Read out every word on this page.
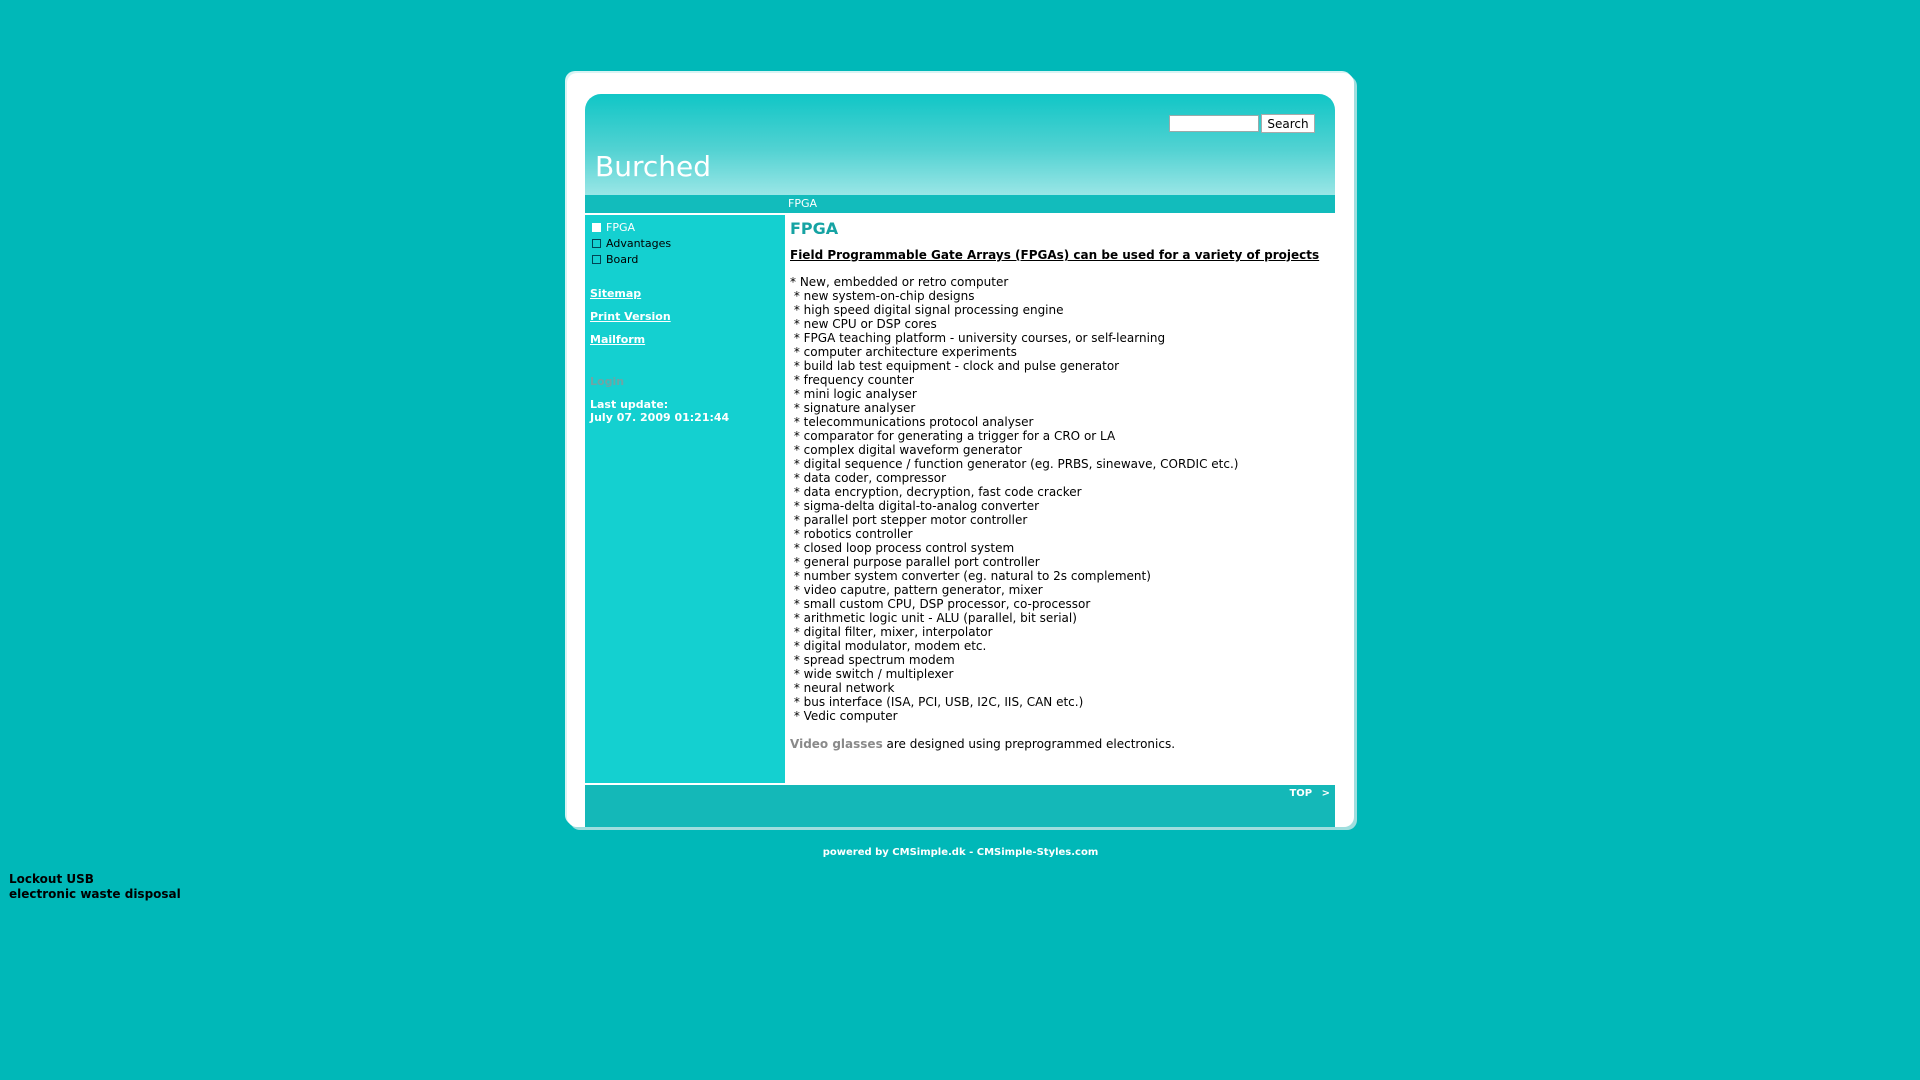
Burched
Search
FPGA
FPGA
Advantages
Board
Sitemap
Print Version
Mailform
Login
Last update:
July 07. 2009 01:21:44
FPGA
Field Programmable Gate Arrays (FPGAs) can be used for a variety of projects
* New, embedded or retro computer
* new system-on-chip designs
* high speed digital signal processing engine
* new CPU or DSP cores
* FPGA teaching platform - university courses, or self-learning
* computer architecture experiments
* build lab test equipment - clock and pulse generator
* frequency counter
* mini logic analyser
* signature analyser
* telecommunications protocol analyser
* comparator for generating a trigger for a CRO or LA
* complex digital waveform generator
* digital sequence / function generator (eg. PRBS, sinewave, CORDIC etc.)
* data coder, compressor
* data encryption, decryption, fast code cracker
* sigma-delta digital-to-analog converter
* parallel port stepper motor controller
* robotics controller
* closed loop process control system
* general purpose parallel port controller
* number system converter (eg. natural to 2s complement)
* video caputre, pattern generator, mixer
* small custom CPU, DSP processor, co-processor
* arithmetic logic unit - ALU (parallel, bit serial)
* digital filter, mixer, interpolator
* digital modulator, modem etc.
* spread spectrum modem
* wide switch / multiplexer
* neural network
* bus interface (ISA, PCI, USB, I2C, IIS, CAN etc.)
* Vedic computer
Video glasses are designed using preprogrammed electronics.
TOP >
powered by CMSimple.dk - CMSimple-Styles.com
Lockout USB
electronic waste disposal
